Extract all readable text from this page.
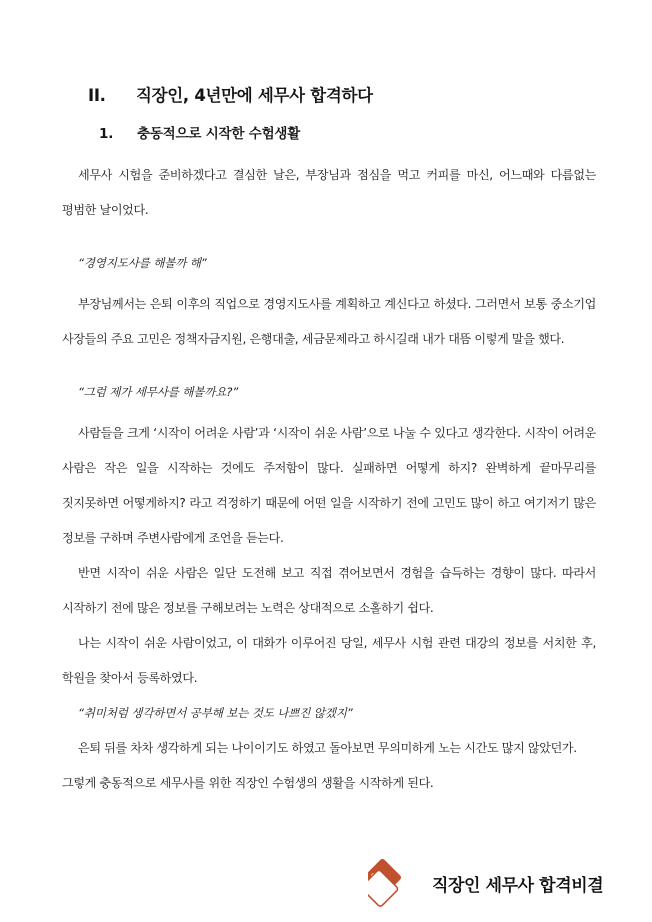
II.	직장인, 4년만에 세무사 합격하다
1.	충동적으로 시작한 수험생활

세무사 시험을 준비하겠다고 결심한 날은, 부장님과 점심을 먹고 커피를 마신, 어느때와 다름없는 평범한 날이었다.

“경영지도사를 해볼까 해”

부장님께서는 은퇴 이후의 직업으로 경영지도사를 계획하고 계신다고 하셨다. 그러면서 보통 중소기업 사장들의 주요 고민은 정책자금지원, 은행대출, 세금문제라고 하시길래 내가 대뜸 이렇게 말을 했다.

“그럼 제가 세무사를 해볼까요?”

사람들을 크게 ‘시작이 어려운 사람’과 ‘시작이 쉬운 사람’으로 나눌 수 있다고 생각한다. 시작이 어려운 사람은 작은 일을 시작하는 것에도 주저함이 많다. 실패하면 어떻게 하지? 완벽하게 끝마무리를 짓지못하면 어떻게하지? 라고 걱정하기 때문에 어떤 일을 시작하기 전에 고민도 많이 하고 여기저기 많은 정보를 구하며 주변사람에게 조언을 듣는다.

반면 시작이 쉬운 사람은 일단 도전해 보고 직접 겪어보면서 경험을 습득하는 경향이 많다. 따라서 시작하기 전에 많은 정보를 구해보려는 노력은 상대적으로 소홀하기 쉽다.

나는 시작이 쉬운 사람이었고, 이 대화가 이루어진 당일, 세무사 시험 관련 대강의 정보를 서치한 후, 학원을 찾아서 등록하였다.

“취미처럼 생각하면서 공부해 보는 것도 나쁘진 않겠지”

은퇴 뒤를 차차 생각하게 되는 나이이기도 하였고 돌아보면 무의미하게 노는 시간도 많지 않았던가. 그렇게 충동적으로 세무사를 위한 직장인 수험생의 생활을 시작하게 된다.

직장인 세무사 합격비결
